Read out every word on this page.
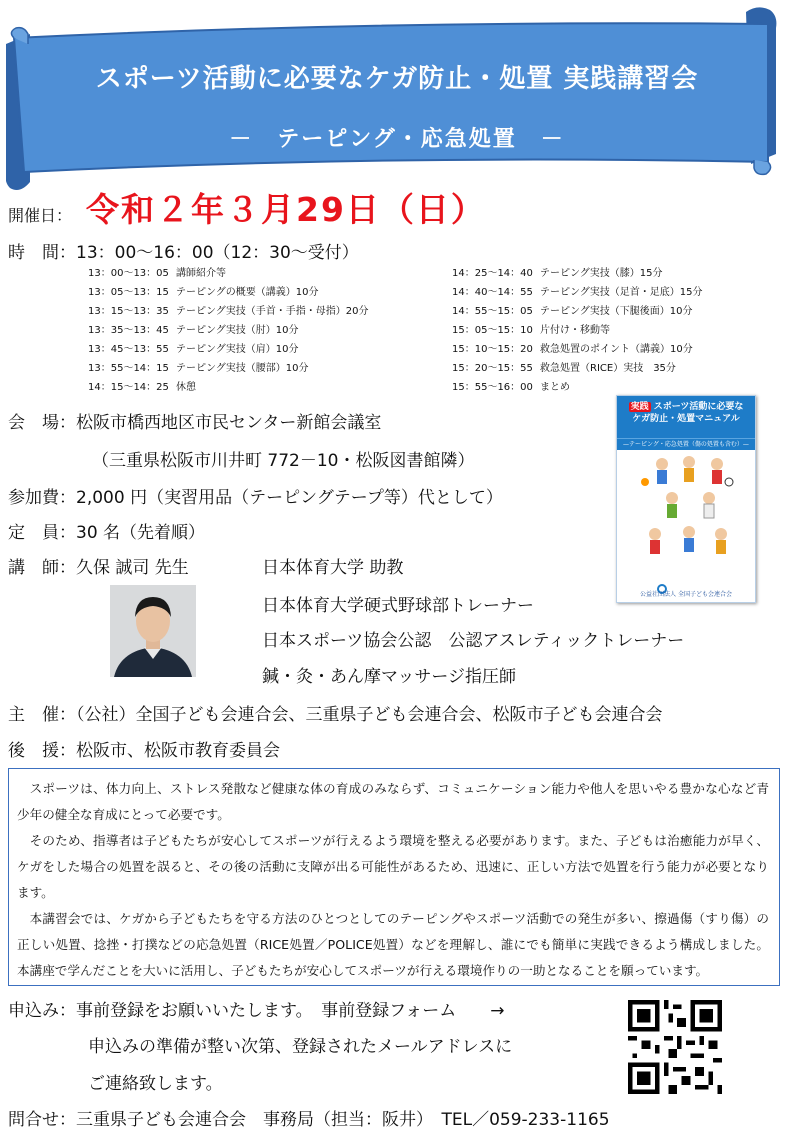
スポーツ活動に必要なケガ防止・処置 実践講習会
－　テーピング・応急処置　－
開催日： 令和２年３月29日（日）
時　間：13：00～16：00（12：30～受付）
13：00～13：05 講師紹介等
13：05～13：15 テーピングの概要（講義）10分
13：15～13：35 テーピング実技（手首・手指・母指）20分
13：35～13：45 テーピング実技（肘）10分
13：45～13：55 テーピング実技（肩）10分
13：55～14：15 テーピング実技（腰部）10分
14：15～14：25 休憩
14：25～14：40 テーピング実技（膝）15分
14：40～14：55 テーピング実技（足首・足底）15分
14：55～15：05 テーピング実技（下腿後面）10分
15：05～15：10 片付け・移動等
15：10～15：20 救急処置のポイント（講義）10分
15：20～15：55 救急処置（RICE）実技　35分
15：55～16：00 まとめ
会　場：松阪市橋西地区市民センター新館会議室
（三重県松阪市川井町 772－10・松阪図書館隣）
参加費：2,000 円（実習用品（テーピングテープ等）代として）
定　員：30 名（先着順）
講　師：久保 誠司 先生	日本体育大学 助教
日本体育大学硬式野球部トレーナー
日本スポーツ協会公認　公認アスレティックトレーナー
鍼・灸・あん摩マッサージ指圧師
実践 スポーツ活動に必要な ケガ防止・処置マニュアル
—テーピング・応急処置（傷の処置も含む）—
公益社団法人 全国子ども会連合会
主　催：（公社）全国子ども会連合会、三重県子ども会連合会、松阪市子ども会連合会
後　援：松阪市、松阪市教育委員会

スポーツは、体力向上、ストレス発散など健康な体の育成のみならず、コミュニケーション能力や他人を思いやる豊かな心など青少年の健全な育成にとって必要です。

そのため、指導者は子どもたちが安心してスポーツが行えるよう環境を整える必要があります。また、子どもは治癒能力が早く、ケガをした場合の処置を誤ると、その後の活動に支障が出る可能性があるため、迅速に、正しい方法で処置を行う能力が必要となります。

本講習会では、ケガから子どもたちを守る方法のひとつとしてのテーピングやスポーツ活動での発生が多い、擦過傷（すり傷）の正しい処置、捻挫・打撲などの応急処置（RICE処置／POLICE処置）などを理解し、誰にでも簡単に実践できるよう構成しました。本講座で学んだことを大いに活用し、子どもたちが安心してスポーツが行える環境作りの一助となることを願っています。

申込み：事前登録をお願いいたします。　事前登録フォーム　　→
申込みの準備が整い次第、登録されたメールアドレスに
ご連絡致します。
問合せ：三重県子ども会連合会　事務局（担当：阪井）　TEL／059-233-1165
